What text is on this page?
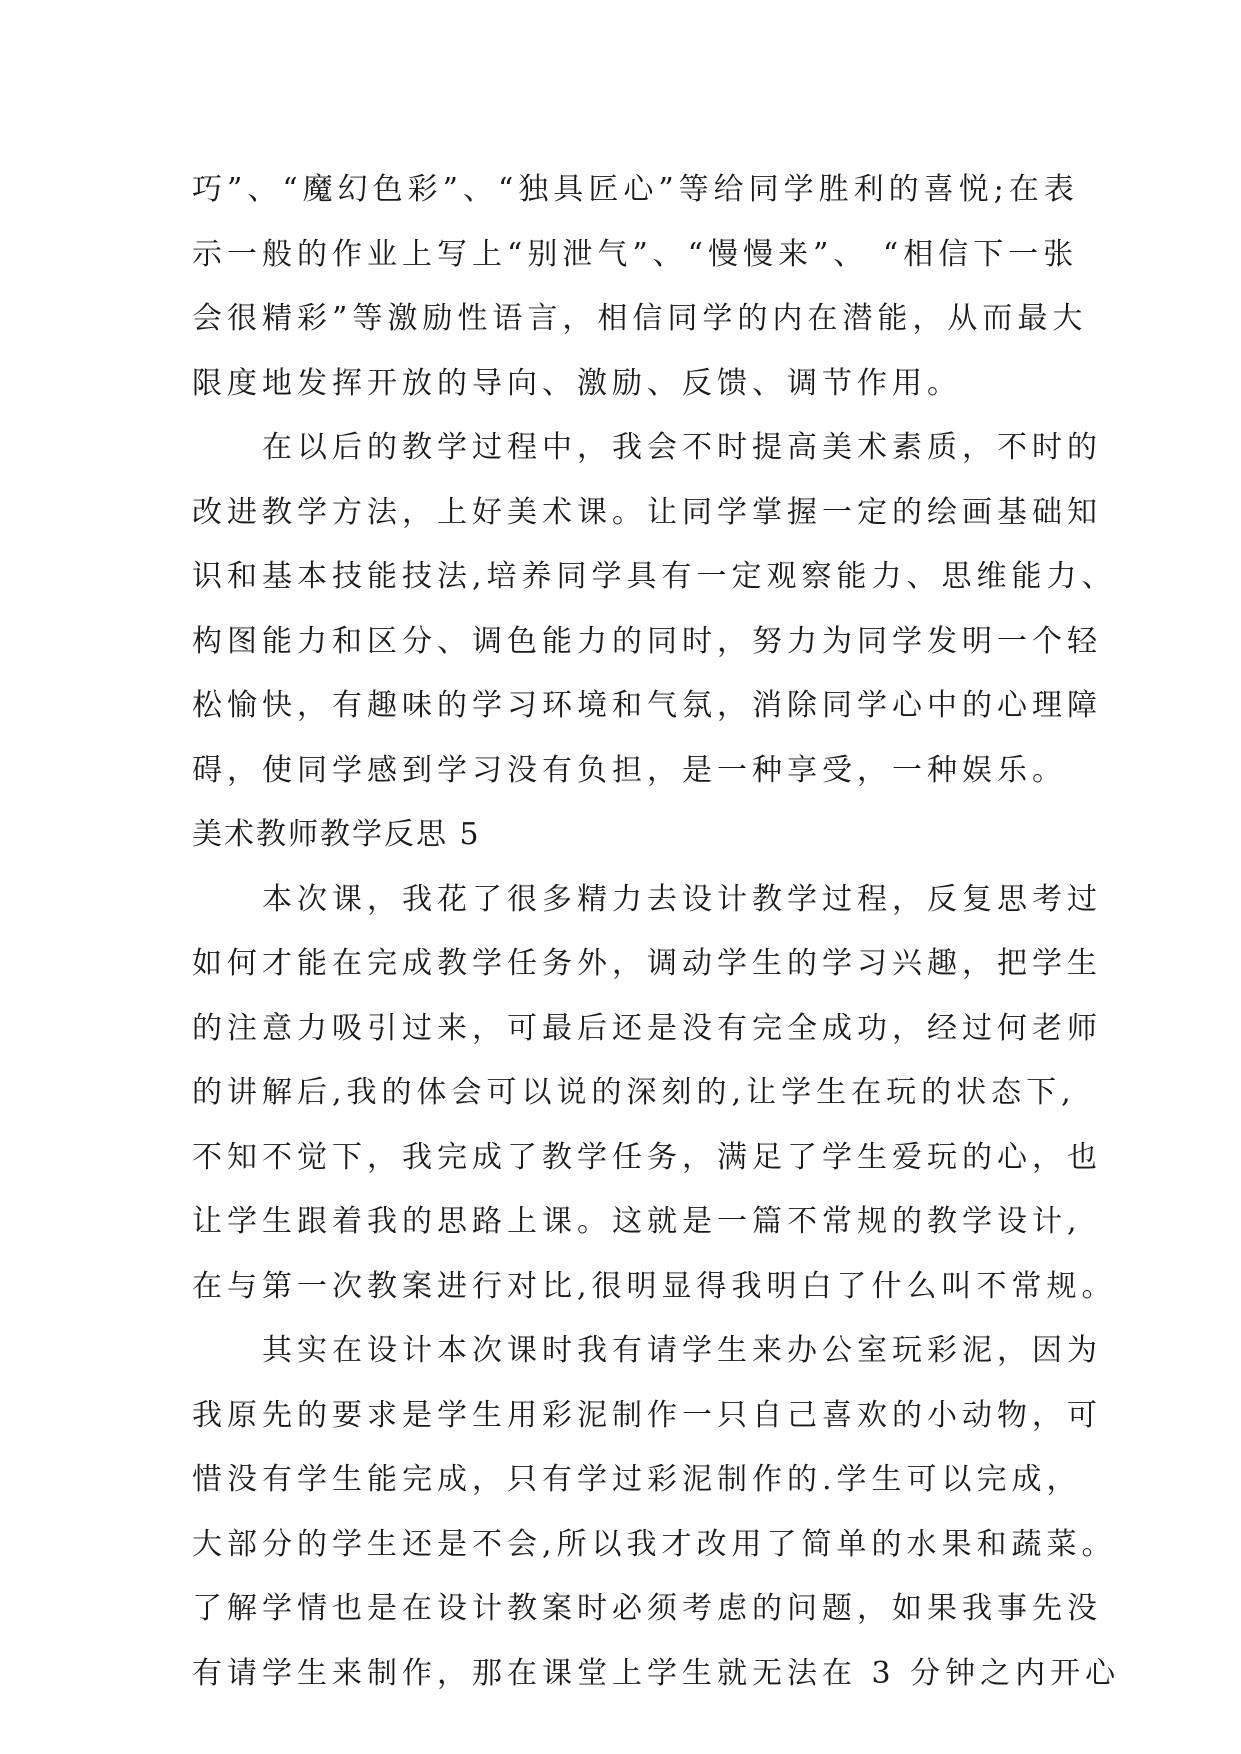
巧”、“魔幻色彩”、“独具匠心”等给同学胜利的喜悦;在表
示一般的作业上写上“别泄气”、“慢慢来”、 “相信下一张
会很精彩”等激励性语言，相信同学的内在潜能，从而最大
限度地发挥开放的导向、激励、反馈、调节作用。
　　在以后的教学过程中，我会不时提高美术素质，不时的
改进教学方法，上好美术课。让同学掌握一定的绘画基础知
识和基本技能技法,培养同学具有一定观察能力、思维能力、
构图能力和区分、调色能力的同时，努力为同学发明一个轻
松愉快，有趣味的学习环境和气氛，消除同学心中的心理障
碍，使同学感到学习没有负担，是一种享受，一种娱乐。
美术教师教学反思 5
　　本次课，我花了很多精力去设计教学过程，反复思考过
如何才能在完成教学任务外，调动学生的学习兴趣，把学生
的注意力吸引过来，可最后还是没有完全成功，经过何老师
的讲解后,我的体会可以说的深刻的,让学生在玩的状态下,
不知不觉下，我完成了教学任务，满足了学生爱玩的心，也
让学生跟着我的思路上课。这就是一篇不常规的教学设计,
在与第一次教案进行对比,很明显得我明白了什么叫不常规。
　　其实在设计本次课时我有请学生来办公室玩彩泥，因为
我原先的要求是学生用彩泥制作一只自己喜欢的小动物，可
惜没有学生能完成，只有学过彩泥制作的.学生可以完成，
大部分的学生还是不会,所以我才改用了简单的水果和蔬菜。
了解学情也是在设计教案时必须考虑的问题，如果我事先没
有请学生来制作，那在课堂上学生就无法在 3 分钟之内开心
